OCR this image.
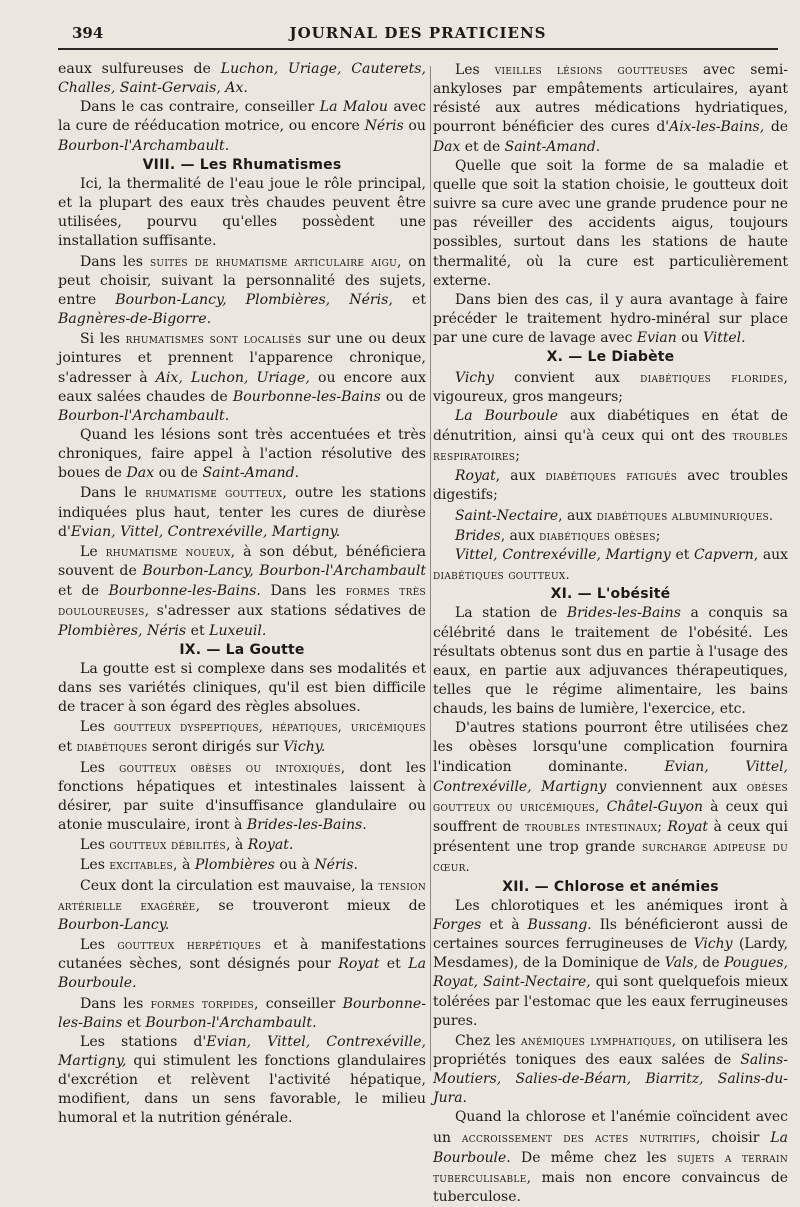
394	JOURNAL DES PRATICIENS

eaux sulfureuses de Luchon, Uriage, Cauterets, Challes, Saint-Gervais, Ax.

Dans le cas contraire, conseiller La Malou avec la cure de rééducation motrice, ou encore Néris ou Bourbon-l'Archambault.

VIII. — Les Rhumatismes

Ici, la thermalité de l'eau joue le rôle principal, et la plupart des eaux très chaudes peuvent être utilisées, pourvu qu'elles possèdent une installation suffisante.

Dans les suites de rhumatisme articulaire aigu, on peut choisir, suivant la personnalité des sujets, entre Bourbon-Lancy, Plombières, Néris, et Bagnères-de-Bigorre.

Si les rhumatismes sont localisés sur une ou deux jointures et prennent l'apparence chronique, s'adresser à Aix, Luchon, Uriage, ou encore aux eaux salées chaudes de Bourbonne-les-Bains ou de Bourbon-l'Archambault.

Quand les lésions sont très accentuées et très chroniques, faire appel à l'action résolutive des boues de Dax ou de Saint-Amand.

Dans le rhumatisme goutteux, outre les stations indiquées plus haut, tenter les cures de diurèse d'Evian, Vittel, Contrexéville, Martigny.

Le rhumatisme noueux, à son début, bénéficiera souvent de Bourbon-Lancy, Bourbon-l'Archambault et de Bourbonne-les-Bains. Dans les formes très douloureuses, s'adresser aux stations sédatives de Plombières, Néris et Luxeuil.

IX. — La Goutte

La goutte est si complexe dans ses modalités et dans ses variétés cliniques, qu'il est bien difficile de tracer à son égard des règles absolues.

Les goutteux dyspeptiques, hépatiques, uricémiques et diabétiques seront dirigés sur Vichy.

Les goutteux obèses ou intoxiqués, dont les fonctions hépatiques et intestinales laissent à désirer, par suite d'insuffisance glandulaire ou atonie musculaire, iront à Brides-les-Bains.

Les goutteux débilités, à Royat.

Les excitables, à Plombières ou à Néris.

Ceux dont la circulation est mauvaise, la tension artérielle exagérée, se trouveront mieux de Bourbon-Lancy.

Les goutteux herpétiques et à manifestations cutanées sèches, sont désignés pour Royat et La Bourboule.

Dans les formes torpides, conseiller Bourbonne-les-Bains et Bourbon-l'Archambault.

Les stations d'Evian, Vittel, Contrexéville, Martigny, qui stimulent les fonctions glandulaires d'excrétion et relèvent l'activité hépatique, modifient, dans un sens favorable, le milieu humoral et la nutrition générale.

Les vieilles lésions goutteuses avec semi-ankyloses par empâtements articulaires, ayant résisté aux autres médications hydriatiques, pourront bénéficier des cures d'Aix-les-Bains, de Dax et de Saint-Amand.

Quelle que soit la forme de sa maladie et quelle que soit la station choisie, le goutteux doit suivre sa cure avec une grande prudence pour ne pas réveiller des accidents aigus, toujours possibles, surtout dans les stations de haute thermalité, où la cure est particulièrement externe.

Dans bien des cas, il y aura avantage à faire précéder le traitement hydro-minéral sur place par une cure de lavage avec Evian ou Vittel.

X. — Le Diabète

Vichy convient aux diabétiques florides, vigoureux, gros mangeurs;

La Bourboule aux diabétiques en état de dénutrition, ainsi qu'à ceux qui ont des troubles respiratoires;

Royat, aux diabétiques fatigués avec troubles digestifs;

Saint-Nectaire, aux diabétiques albuminuriques.

Brides, aux diabétiques obèses;

Vittel, Contrexéville, Martigny et Capvern, aux diabétiques goutteux.

XI. — L'obésité

La station de Brides-les-Bains a conquis sa célébrité dans le traitement de l'obésité. Les résultats obtenus sont dus en partie à l'usage des eaux, en partie aux adjuvances thérapeutiques, telles que le régime alimentaire, les bains chauds, les bains de lumière, l'exercice, etc.

D'autres stations pourront être utilisées chez les obèses lorsqu'une complication fournira l'indication dominante. Evian, Vittel, Contrexéville, Martigny conviennent aux obèses goutteux ou uricémiques, Châtel-Guyon à ceux qui souffrent de troubles intestinaux; Royat à ceux qui présentent une trop grande surcharge adipeuse du cœur.

XII. — Chlorose et anémies

Les chlorotiques et les anémiques iront à Forges et à Bussang. Ils bénéficieront aussi de certaines sources ferrugineuses de Vichy (Lardy, Mesdames), de la Dominique de Vals, de Pougues, Royat, Saint-Nectaire, qui sont quelquefois mieux tolérées par l'estomac que les eaux ferrugineuses pures.

Chez les anémiques lymphatiques, on utilisera les propriétés toniques des eaux salées de Salins-Moutiers, Salies-de-Béarn, Biarritz, Salins-du-Jura.

Quand la chlorose et l'anémie coïncident avec un accroissement des actes nutritifs, choisir La Bourboule. De même chez les sujets a terrain tuberculisable, mais non encore convaincus de tuberculose.
